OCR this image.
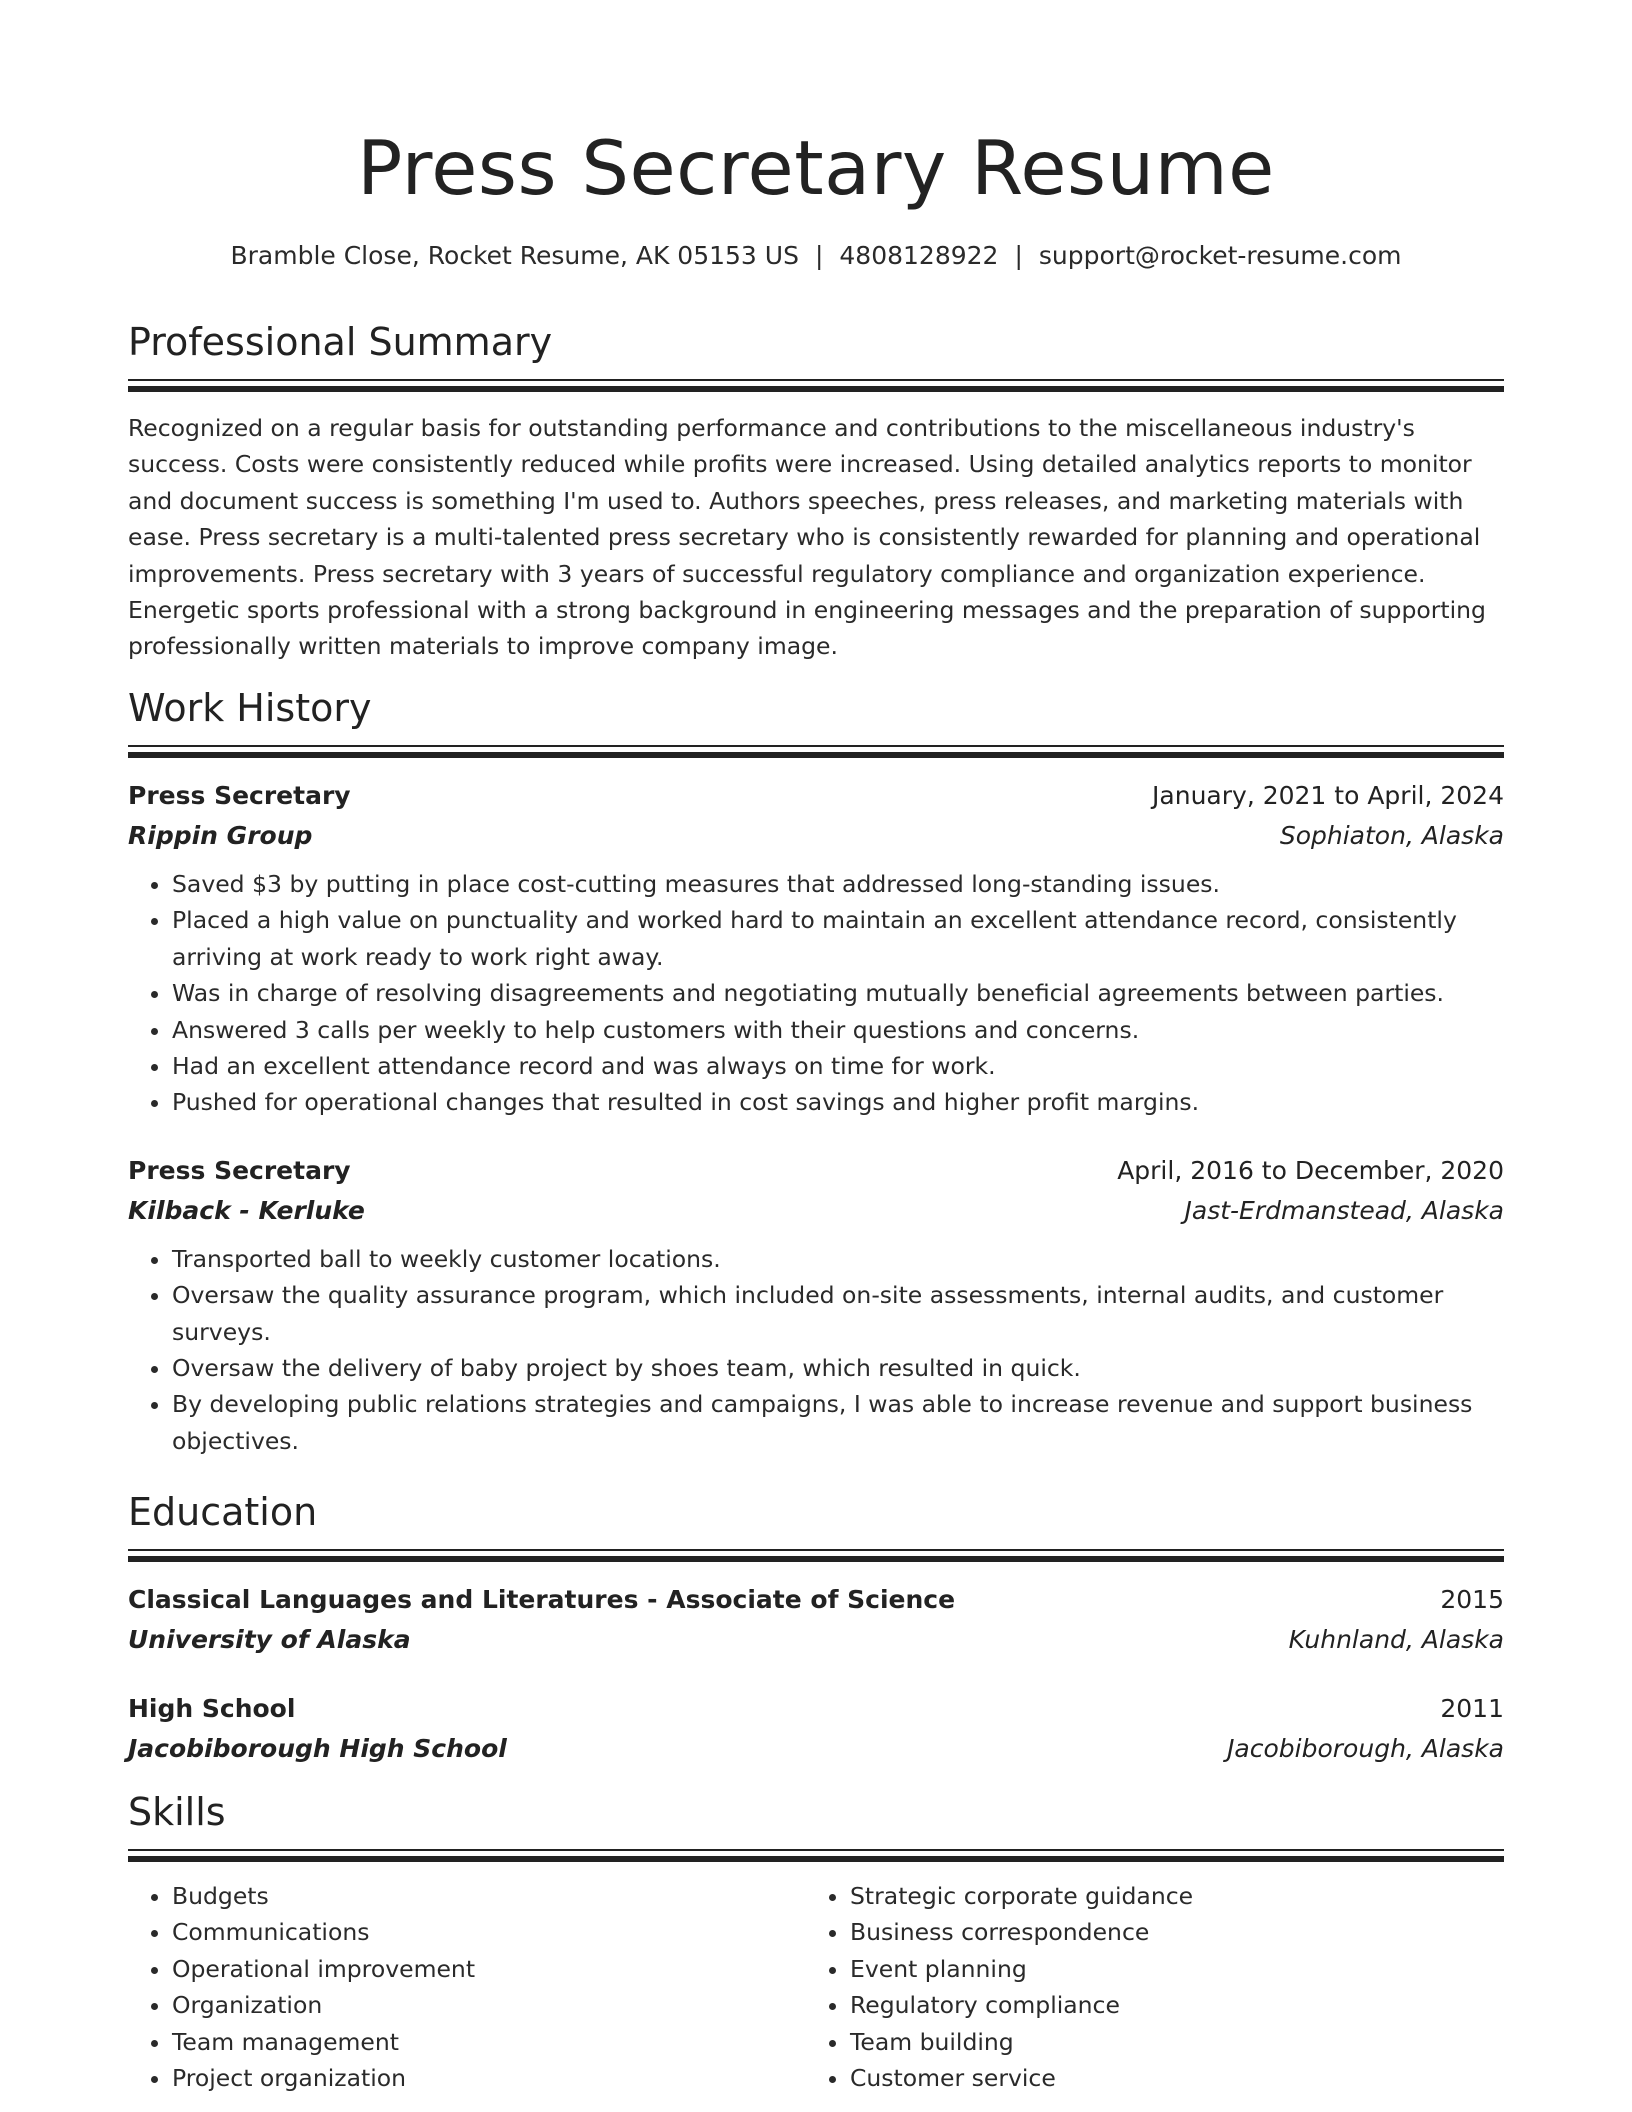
Press Secretary Resume
Bramble Close, Rocket Resume, AK 05153 US | 4808128922 | support@rocket-resume.com
Professional Summary
Recognized on a regular basis for outstanding performance and contributions to the miscellaneous industry's success. Costs were consistently reduced while profits were increased. Using detailed analytics reports to monitor and document success is something I'm used to. Authors speeches, press releases, and marketing materials with ease. Press secretary is a multi-talented press secretary who is consistently rewarded for planning and operational improvements. Press secretary with 3 years of successful regulatory compliance and organization experience. Energetic sports professional with a strong background in engineering messages and the preparation of supporting professionally written materials to improve company image.
Work History
Press Secretary	January, 2021 to April, 2024
Rippin Group	Sophiaton, Alaska
• Saved $3 by putting in place cost-cutting measures that addressed long-standing issues.
• Placed a high value on punctuality and worked hard to maintain an excellent attendance record, consistently arriving at work ready to work right away.
• Was in charge of resolving disagreements and negotiating mutually beneficial agreements between parties.
• Answered 3 calls per weekly to help customers with their questions and concerns.
• Had an excellent attendance record and was always on time for work.
• Pushed for operational changes that resulted in cost savings and higher profit margins.
Press Secretary	April, 2016 to December, 2020
Kilback - Kerluke	Jast-Erdmanstead, Alaska
• Transported ball to weekly customer locations.
• Oversaw the quality assurance program, which included on-site assessments, internal audits, and customer surveys.
• Oversaw the delivery of baby project by shoes team, which resulted in quick.
• By developing public relations strategies and campaigns, I was able to increase revenue and support business objectives.
Education
Classical Languages and Literatures - Associate of Science	2015
University of Alaska	Kuhnland, Alaska
High School	2011
Jacobiborough High School	Jacobiborough, Alaska
Skills
• Budgets
• Communications
• Operational improvement
• Organization
• Team management
• Project organization
• Strategic corporate guidance
• Business correspondence
• Event planning
• Regulatory compliance
• Team building
• Customer service
